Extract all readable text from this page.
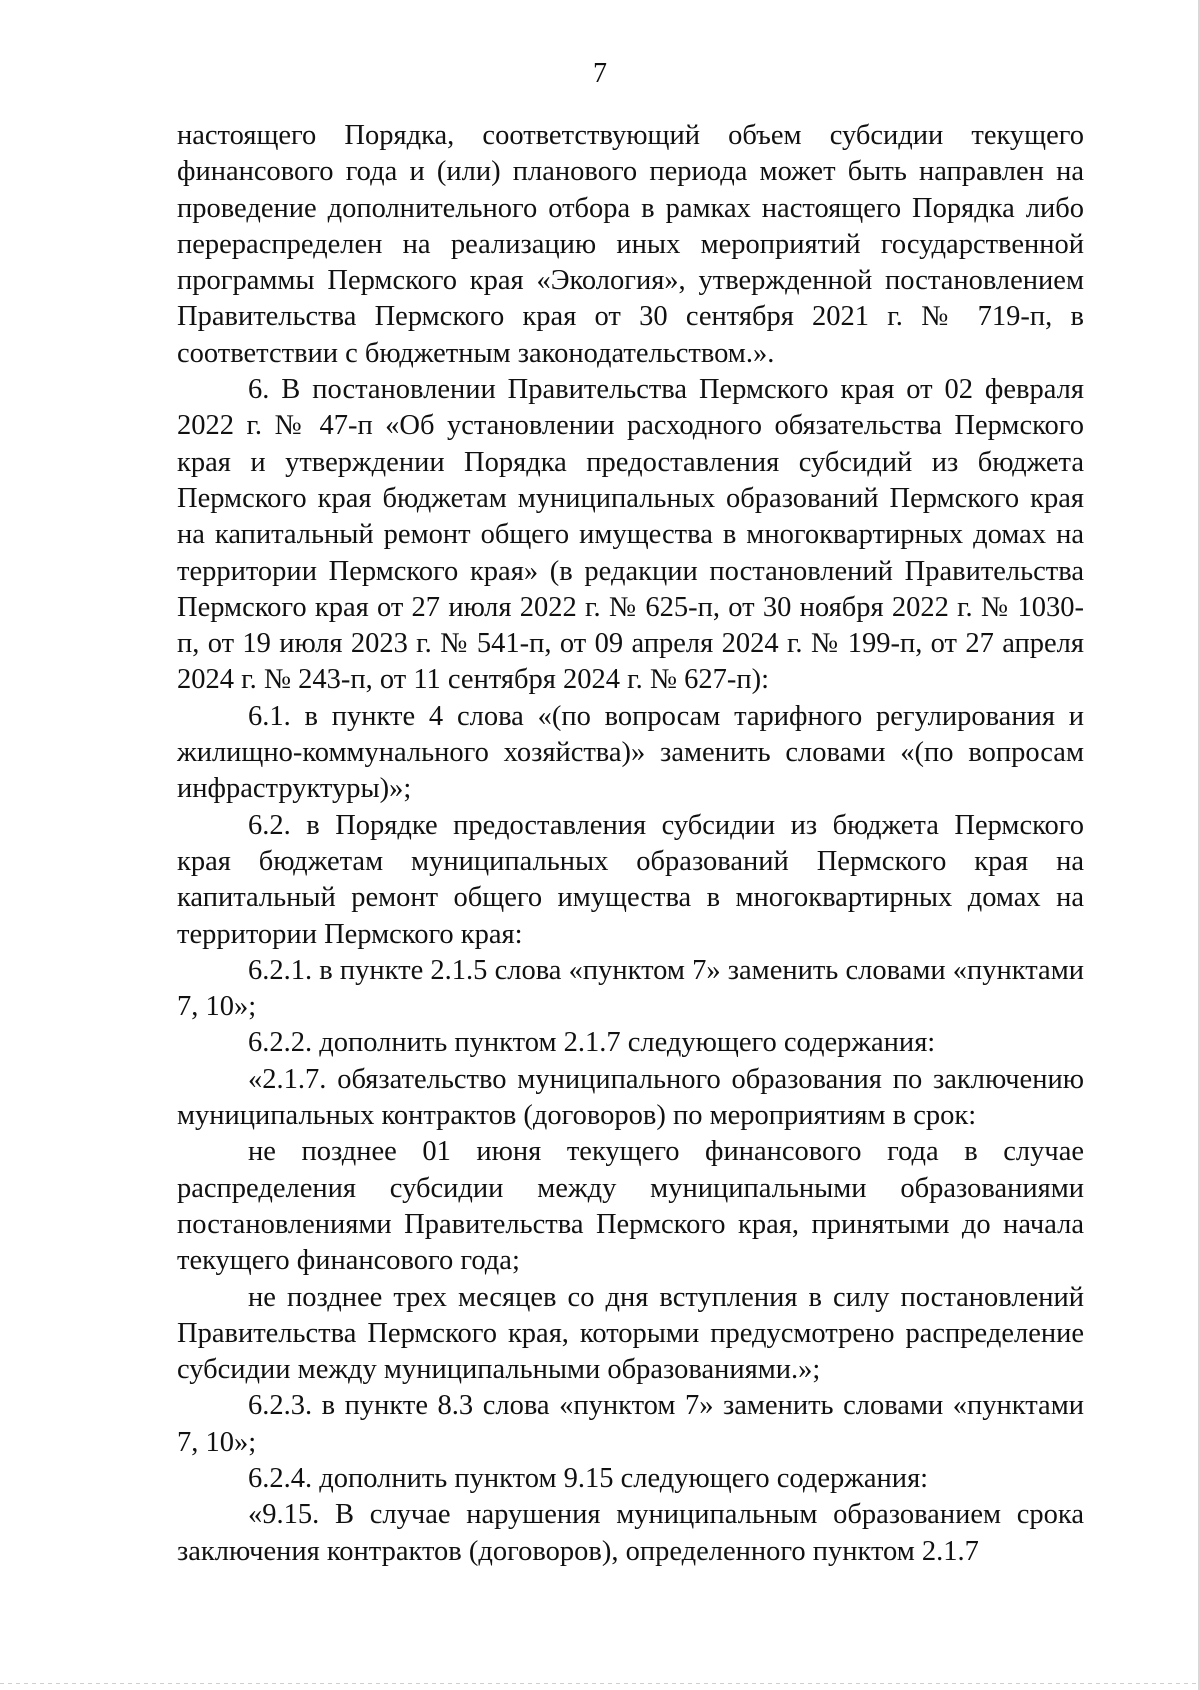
7

настоящего Порядка, соответствующий объем субсидии текущего финансового года и (или) планового периода может быть направлен на проведение дополнительного отбора в рамках настоящего Порядка либо перераспределен на реализацию иных мероприятий государственной программы Пермского края «Экология», утвержденной постановлением Правительства Пермского края от 30 сентября 2021 г. № 719-п, в соответствии с бюджетным законодательством.».

6. В постановлении Правительства Пермского края от 02 февраля 2022 г. № 47-п «Об установлении расходного обязательства Пермского края и утверждении Порядка предоставления субсидий из бюджета Пермского края бюджетам муниципальных образований Пермского края на капитальный ремонт общего имущества в многоквартирных домах на территории Пермского края» (в редакции постановлений Правительства Пермского края от 27 июля 2022 г. № 625-п, от 30 ноября 2022 г. № 1030-п, от 19 июля 2023 г. № 541-п, от 09 апреля 2024 г. № 199-п, от 27 апреля 2024 г. № 243-п, от 11 сентября 2024 г. № 627-п):

6.1. в пункте 4 слова «(по вопросам тарифного регулирования и жилищно-коммунального хозяйства)» заменить словами «(по вопросам инфраструктуры)»;

6.2. в Порядке предоставления субсидии из бюджета Пермского края бюджетам муниципальных образований Пермского края на капитальный ремонт общего имущества в многоквартирных домах на территории Пермского края:

6.2.1. в пункте 2.1.5 слова «пунктом 7» заменить словами «пунктами 7, 10»;

6.2.2. дополнить пунктом 2.1.7 следующего содержания:

«2.1.7. обязательство муниципального образования по заключению муниципальных контрактов (договоров) по мероприятиям в срок:

не позднее 01 июня текущего финансового года в случае распределения субсидии между муниципальными образованиями постановлениями Правительства Пермского края, принятыми до начала текущего финансового года;

не позднее трех месяцев со дня вступления в силу постановлений Правительства Пермского края, которыми предусмотрено распределение субсидии между муниципальными образованиями.»;

6.2.3. в пункте 8.3 слова «пунктом 7» заменить словами «пунктами 7, 10»;

6.2.4. дополнить пунктом 9.15 следующего содержания:

«9.15. В случае нарушения муниципальным образованием срока заключения контрактов (договоров), определенного пунктом 2.1.7
